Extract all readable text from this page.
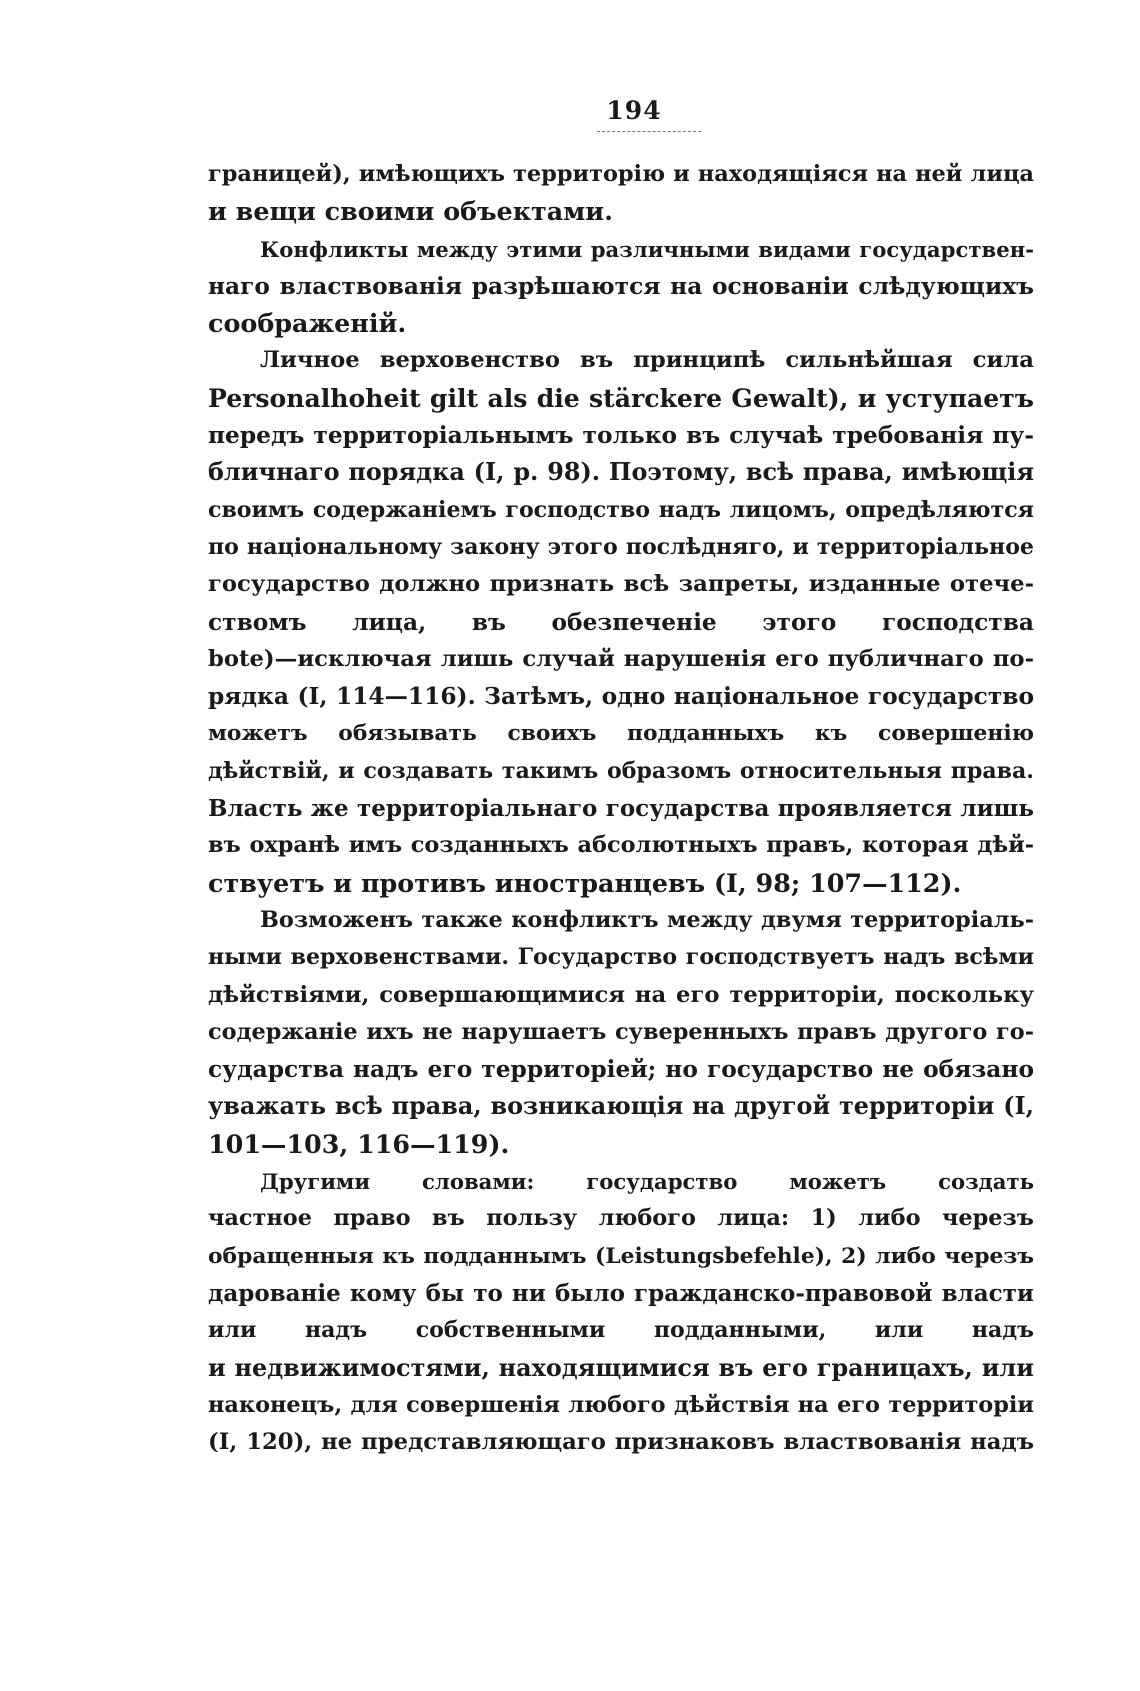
194
границей), имѣющихъ территорію и находящіяся на ней лица
и вещи своими объектами.
Конфликты между этими различными видами государствен-
наго властвованія разрѣшаются на основаніи слѣдующихъ
соображеній.
Личное верховенство въ принципѣ сильнѣйшая сила
Personalhoheit gilt als die stärckere Gewalt), и уступаетъ
передъ территоріальнымъ только въ случаѣ требованія пу-
бличнаго порядка (I, p. 98). Поэтому, всѣ права, имѣющія
своимъ содержаніемъ господство надъ лицомъ, опредѣляются
по національному закону этого послѣдняго, и территоріальное
государство должно признать всѣ запреты, изданные отече-
ствомъ лица, въ обезпеченіе этого господства
bote)—исключая лишь случай нарушенія его публичнаго по-
рядка (I, 114—116). Затѣмъ, одно національное государство
можетъ обязывать своихъ подданныхъ къ совершенію
дѣйствій, и создавать такимъ образомъ относительныя права.
Власть же территоріальнаго государства проявляется лишь
въ охранѣ имъ созданныхъ абсолютныхъ правъ, которая дѣй-
ствуетъ и противъ иностранцевъ (I, 98; 107—112).
Возможенъ также конфликтъ между двумя территоріаль-
ными верховенствами. Государство господствуетъ надъ всѣми
дѣйствіями, совершающимися на его территоріи, поскольку
содержаніе ихъ не нарушаетъ суверенныхъ правъ другого го-
сударства надъ его территоріей; но государство не обязано
уважать всѣ права, возникающія на другой территоріи (I,
101—103, 116—119).
Другими словами: государство можетъ создать
частное право въ пользу любого лица: 1) либо черезъ
обращенныя къ подданнымъ (Leistungsbefehle), 2) либо черезъ
дарованіе кому бы то ни было гражданско-правовой власти
или надъ собственными подданными, или надъ
и недвижимостями, находящимися въ его границахъ, или
наконецъ, для совершенія любого дѣйствія на его территоріи
(I, 120), не представляющаго признаковъ властвованія надъ
